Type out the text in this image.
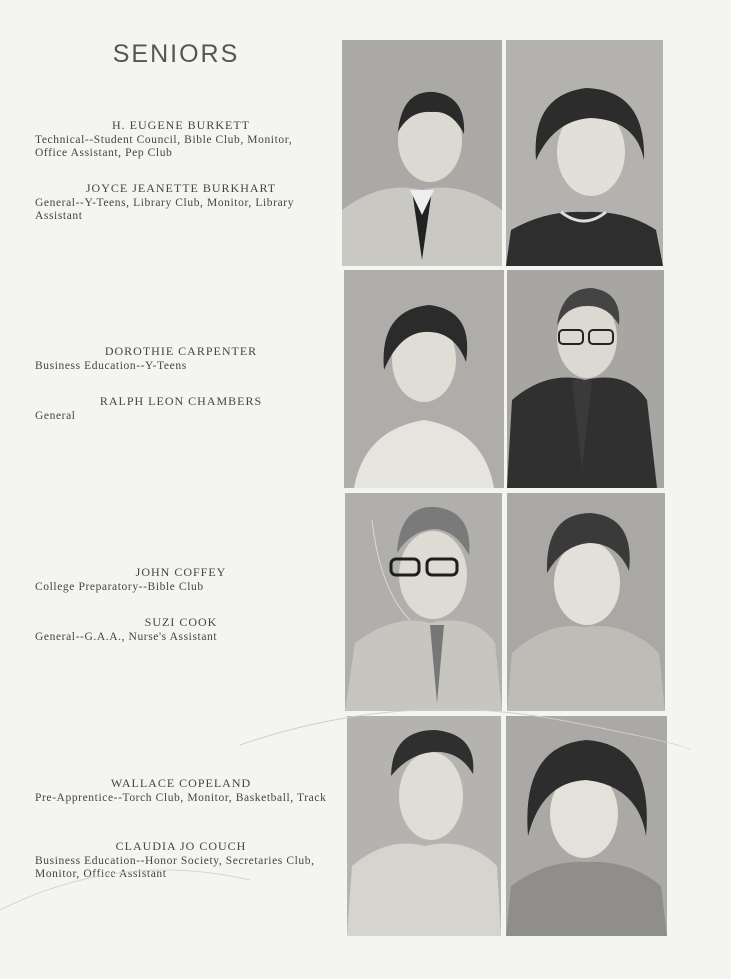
SENIORS
H. EUGENE BURKETT
Technical--Student Council, Bible Club, Monitor, Office Assistant, Pep Club
JOYCE JEANETTE BURKHART
General--Y-Teens, Library Club, Monitor, Library Assistant
DOROTHIE CARPENTER
Business Education--Y-Teens
RALPH LEON CHAMBERS
General
JOHN COFFEY
College Preparatory--Bible Club
SUZI COOK
General--G.A.A., Nurse's Assistant
WALLACE COPELAND
Pre-Apprentice--Torch Club, Monitor, Basketball, Track
CLAUDIA JO COUCH
Business Education--Honor Society, Secretaries Club, Monitor, Office Assistant
